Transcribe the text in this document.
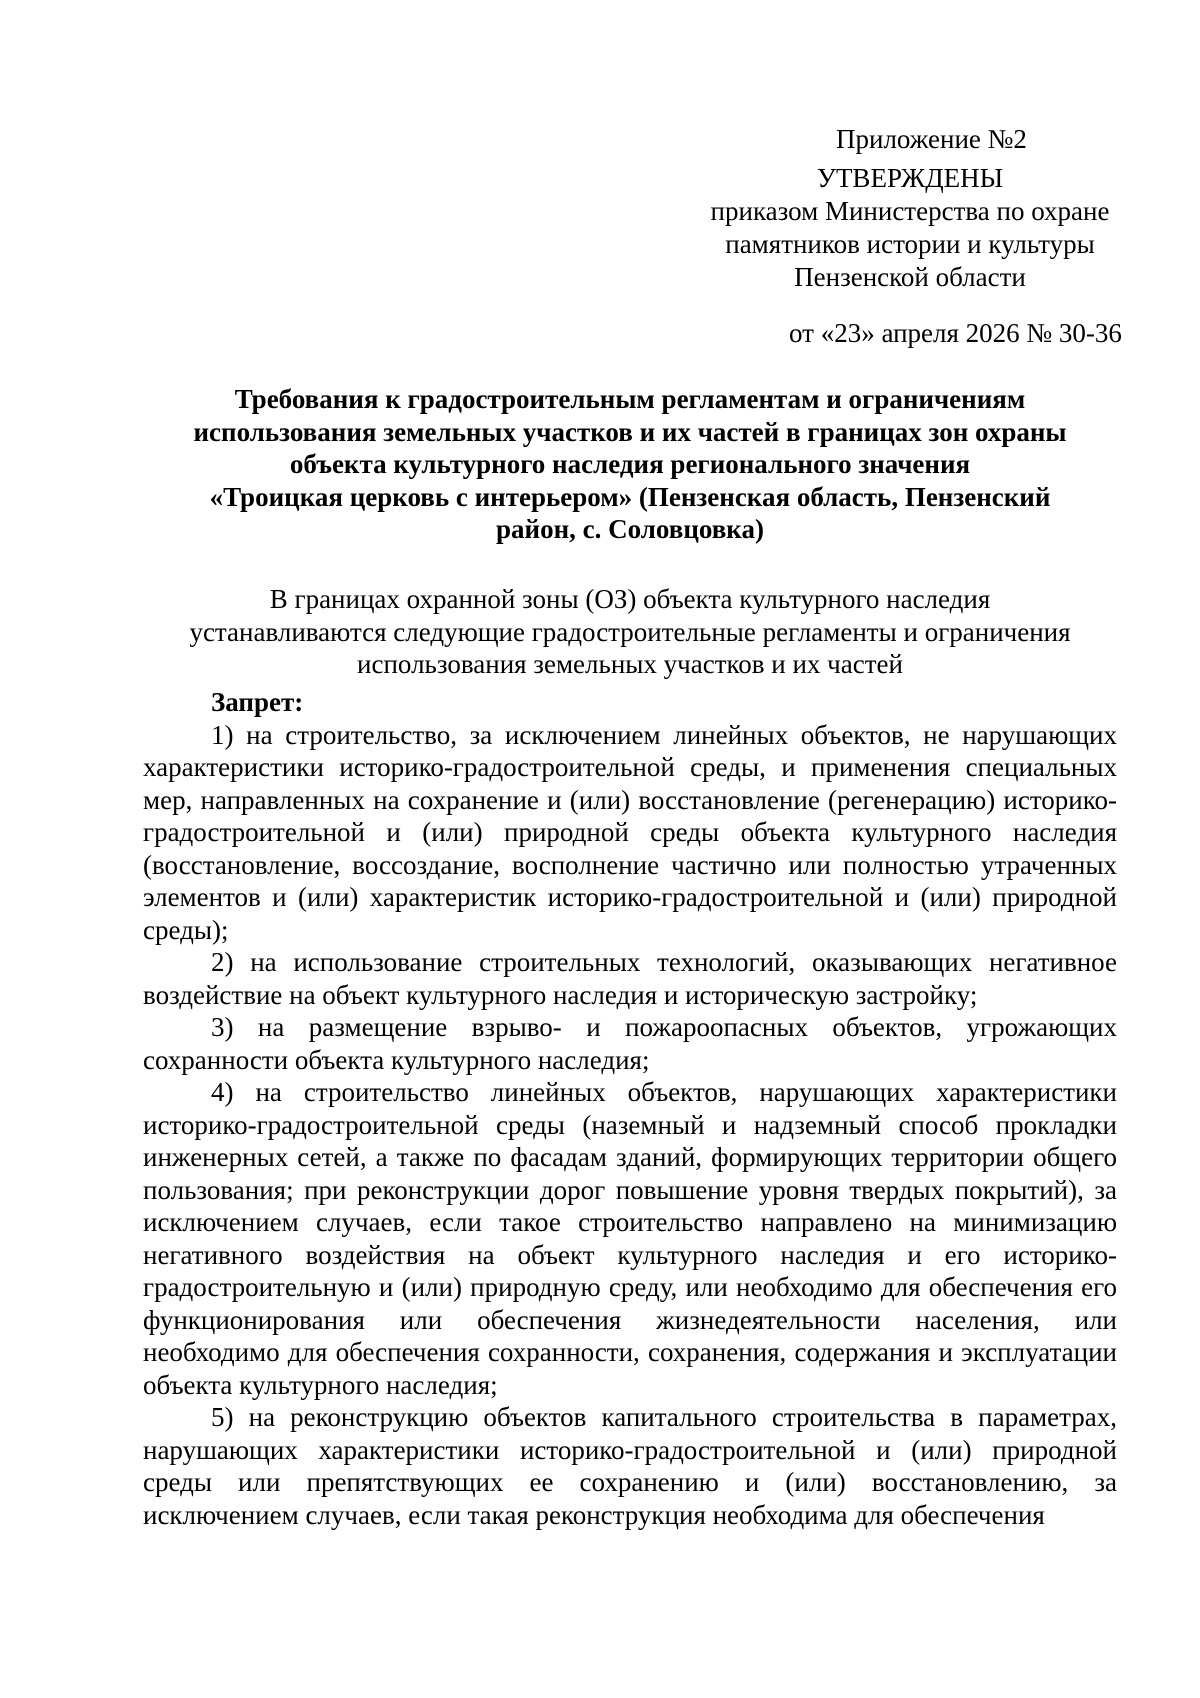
Приложение №2
УТВЕРЖДЕНЫ
приказом Министерства по охране
памятников истории и культуры
Пензенской области
от «23» апреля 2026 № 30-36
Требования к градостроительным регламентам и ограничениям
использования земельных участков и их частей в границах зон охраны
объекта культурного наследия регионального значения
«Троицкая церковь с интерьером» (Пензенская область, Пензенский
район, с. Соловцовка)
В границах охранной зоны (ОЗ) объекта культурного наследия
устанавливаются следующие градостроительные регламенты и ограничения
использования земельных участков и их частей

Запрет:

1) на строительство, за исключением линейных объектов, не нарушающих характеристики историко-градостроительной среды, и применения специальных мер, направленных на сохранение и (или) восстановление (регенерацию) историко-градостроительной и (или) природной среды объекта культурного наследия (восстановление, воссоздание, восполнение частично или полностью утраченных элементов и (или) характеристик историко-градостроительной и (или) природной среды);

2) на использование строительных технологий, оказывающих негативное воздействие на объект культурного наследия и историческую застройку;

3) на размещение взрыво- и пожароопасных объектов, угрожающих сохранности объекта культурного наследия;

4) на строительство линейных объектов, нарушающих характеристики историко-градостроительной среды (наземный и надземный способ прокладки инженерных сетей, а также по фасадам зданий, формирующих территории общего пользования; при реконструкции дорог повышение уровня твердых покрытий), за исключением случаев, если такое строительство направлено на минимизацию негативного воздействия на объект культурного наследия и его историко-градостроительную и (или) природную среду, или необходимо для обеспечения его функционирования или обеспечения жизнедеятельности населения, или необходимо для обеспечения сохранности, сохранения, содержания и эксплуатации объекта культурного наследия;

5) на реконструкцию объектов капитального строительства в параметрах, нарушающих характеристики историко-градостроительной и (или) природной среды или препятствующих ее сохранению и (или) восстановлению, за исключением случаев, если такая реконструкция необходима для обеспечения
